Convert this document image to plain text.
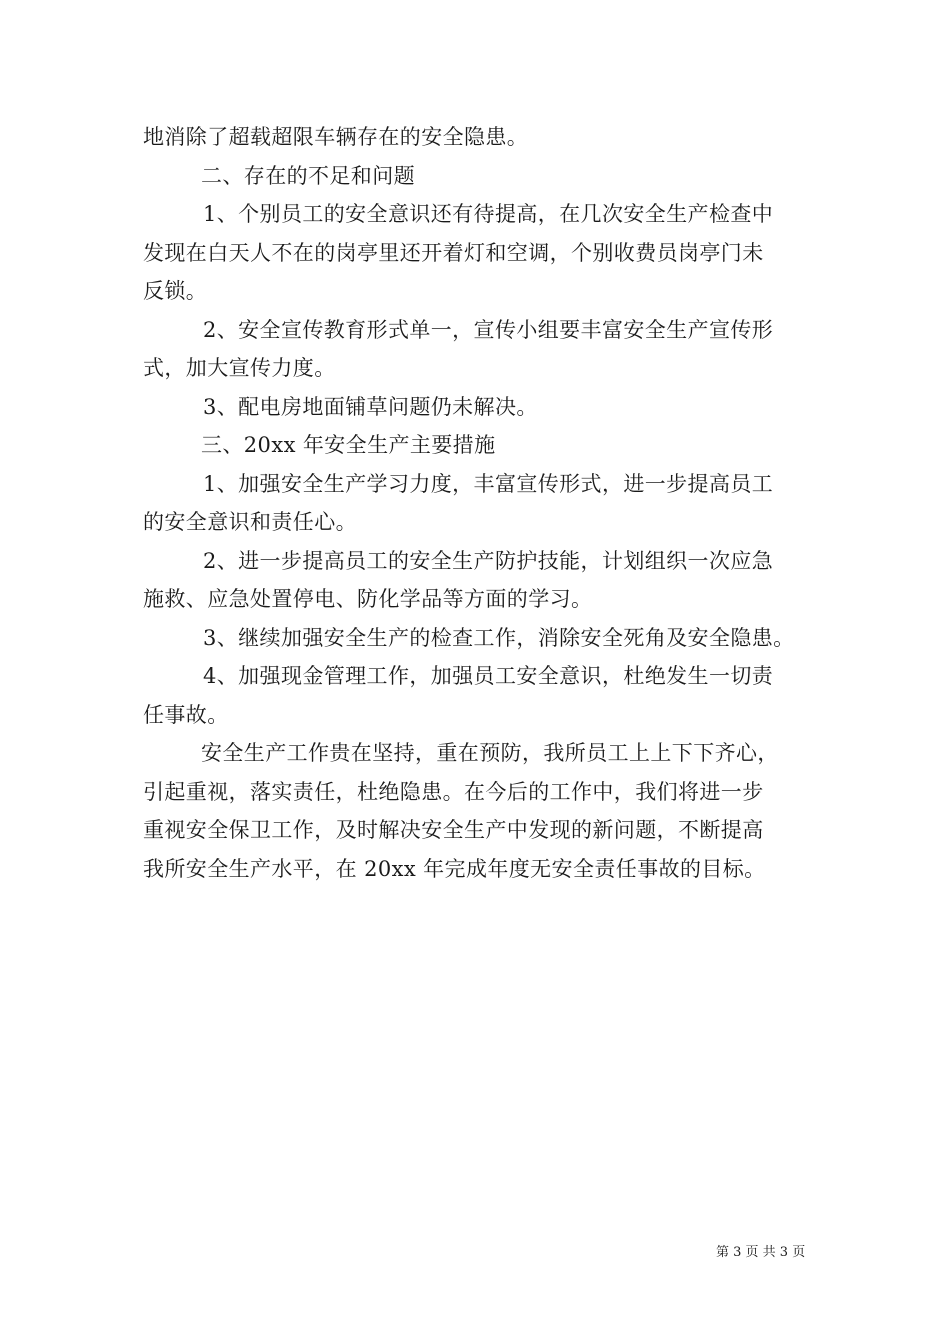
地消除了超载超限车辆存在的安全隐患。
二、存在的不足和问题
1、个别员工的安全意识还有待提高，在几次安全生产检查中
发现在白天人不在的岗亭里还开着灯和空调，个别收费员岗亭门未
反锁。
2、安全宣传教育形式单一，宣传小组要丰富安全生产宣传形
式，加大宣传力度。
3、配电房地面铺草问题仍未解决。
三、20xx 年安全生产主要措施
1、加强安全生产学习力度，丰富宣传形式，进一步提高员工
的安全意识和责任心。
2、进一步提高员工的安全生产防护技能，计划组织一次应急
施救、应急处置停电、防化学品等方面的学习。
3、继续加强安全生产的检查工作，消除安全死角及安全隐患。
4、加强现金管理工作，加强员工安全意识，杜绝发生一切责
任事故。
安全生产工作贵在坚持，重在预防，我所员工上上下下齐心，
引起重视，落实责任，杜绝隐患。在今后的工作中，我们将进一步
重视安全保卫工作，及时解决安全生产中发现的新问题，不断提高
我所安全生产水平，在 20xx 年完成年度无安全责任事故的目标。
第 3 页 共 3 页
